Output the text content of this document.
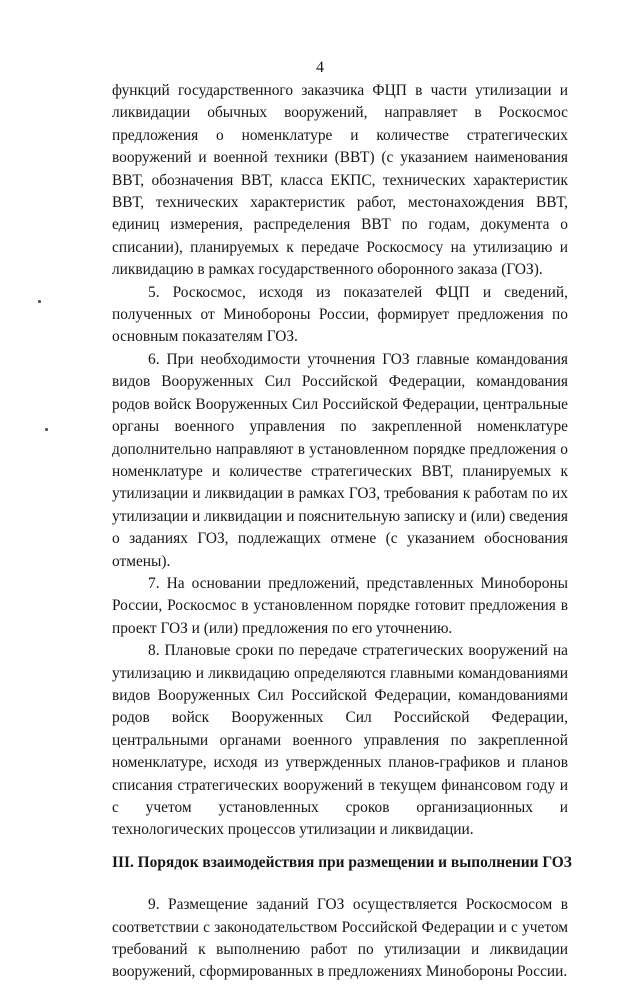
4

функций государственного заказчика ФЦП в части утилизации и ликвидации обычных вооружений, направляет в Роскосмос предложения о номенклатуре и количестве стратегических вооружений и военной техники (ВВТ) (с указанием наименования ВВТ, обозначения ВВТ, класса ЕКПС, технических характеристик ВВТ, технических характеристик работ, местонахождения ВВТ, единиц измерения, распределения ВВТ по годам, документа о списании), планируемых к передаче Роскосмосу на утилизацию и ликвидацию в рамках государственного оборонного заказа (ГОЗ).

5. Роскосмос, исходя из показателей ФЦП и сведений, полученных от Минобороны России, формирует предложения по основным показателям ГОЗ.

6. При необходимости уточнения ГОЗ главные командования видов Вооруженных Сил Российской Федерации, командования родов войск Вооруженных Сил Российской Федерации, центральные органы военного управления по закрепленной номенклатуре дополнительно направляют в установленном порядке предложения о номенклатуре и количестве стратегических ВВТ, планируемых к утилизации и ликвидации в рамках ГОЗ, требования к работам по их утилизации и ликвидации и пояснительную записку и (или) сведения о заданиях ГОЗ, подлежащих отмене (с указанием обоснования отмены).

7. На основании предложений, представленных Минобороны России, Роскосмос в установленном порядке готовит предложения в проект ГОЗ и (или) предложения по его уточнению.

8. Плановые сроки по передаче стратегических вооружений на утилизацию и ликвидацию определяются главными командованиями видов Вооруженных Сил Российской Федерации, командованиями родов войск Вооруженных Сил Российской Федерации, центральными органами военного управления по закрепленной номенклатуре, исходя из утвержденных планов-графиков и планов списания стратегических вооружений в текущем финансовом году и с учетом установленных сроков организационных и технологических процессов утилизации и ликвидации.

III. Порядок взаимодействия при размещении и выполнении ГОЗ

9. Размещение заданий ГОЗ осуществляется Роскосмосом в соответствии с законодательством Российской Федерации и с учетом требований к выполнению работ по утилизации и ликвидации вооружений, сформированных в предложениях Минобороны России.
